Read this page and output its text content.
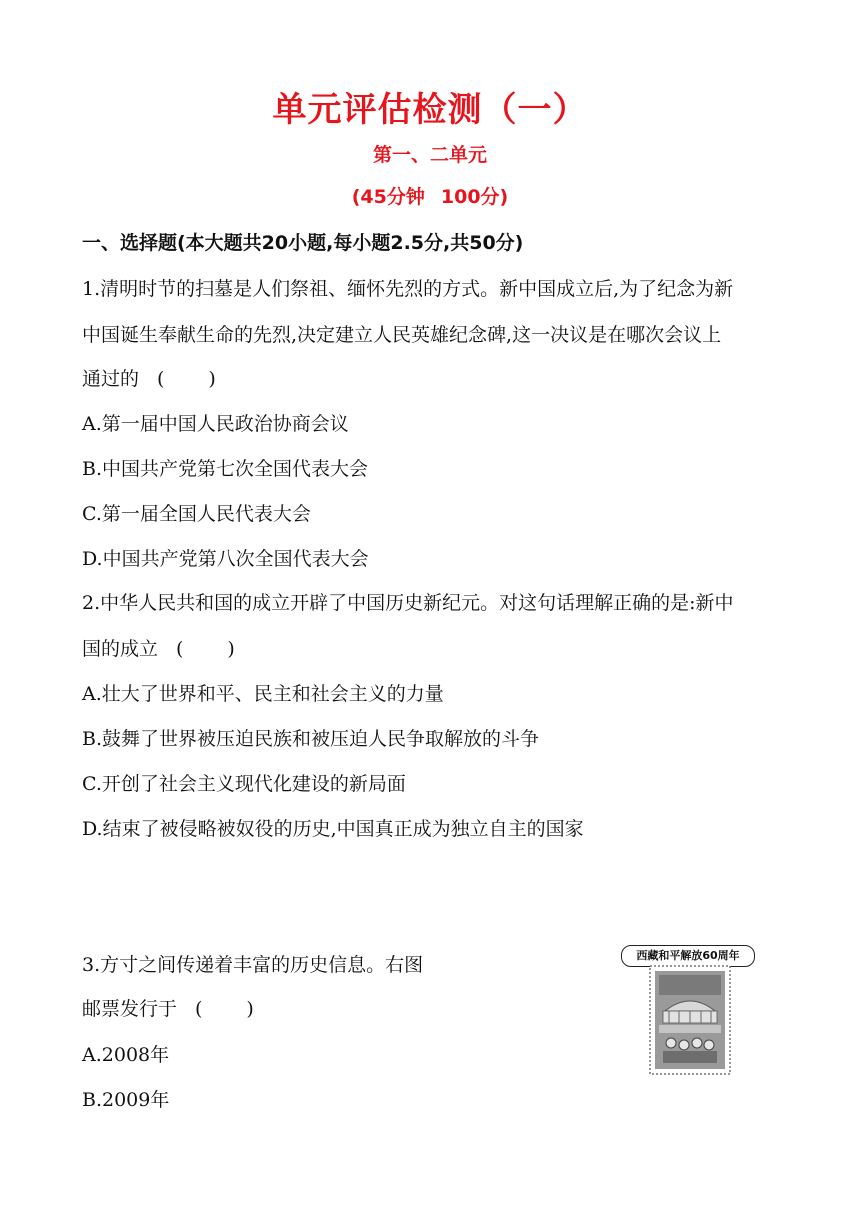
单元评估检测（一）
第一、二单元
(45分钟 100分)
一、选择题(本大题共20小题,每小题2.5分,共50分)
1.清明时节的扫墓是人们祭祖、缅怀先烈的方式。新中国成立后,为了纪念为新
中国诞生奉献生命的先烈,决定建立人民英雄纪念碑,这一决议是在哪次会议上
通过的 (　　)
A.第一届中国人民政治协商会议
B.中国共产党第七次全国代表大会
C.第一届全国人民代表大会
D.中国共产党第八次全国代表大会
2.中华人民共和国的成立开辟了中国历史新纪元。对这句话理解正确的是:新中
国的成立 (　　)
A.壮大了世界和平、民主和社会主义的力量
B.鼓舞了世界被压迫民族和被压迫人民争取解放的斗争
C.开创了社会主义现代化建设的新局面
D.结束了被侵略被奴役的历史,中国真正成为独立自主的国家
3.方寸之间传递着丰富的历史信息。右图
邮票发行于 (　　)
A.2008年
B.2009年
西藏和平解放60周年
